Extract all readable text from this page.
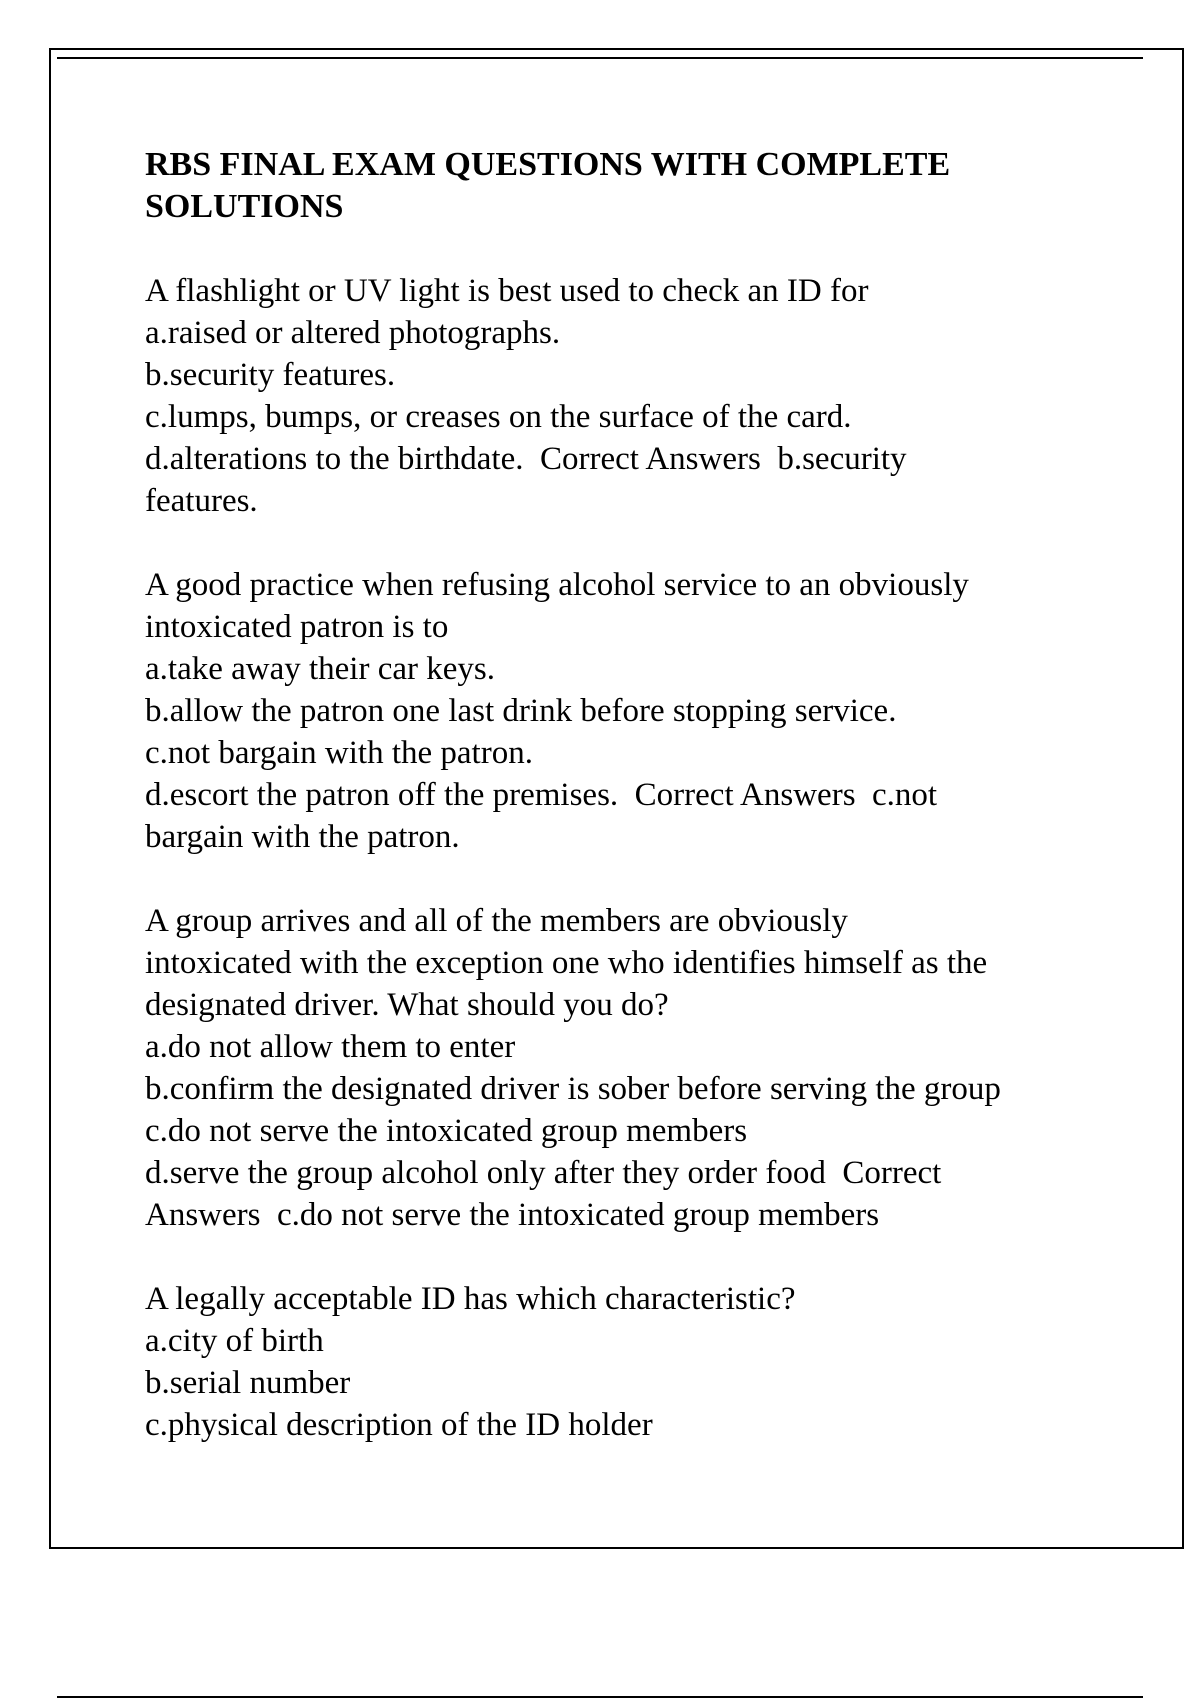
RBS FINAL EXAM QUESTIONS WITH COMPLETE
SOLUTIONS
A flashlight or UV light is best used to check an ID for
a.raised or altered photographs.
b.security features.
c.lumps, bumps, or creases on the surface of the card.
d.alterations to the birthdate.  Correct Answers  b.security
features.
A good practice when refusing alcohol service to an obviously
intoxicated patron is to
a.take away their car keys.
b.allow the patron one last drink before stopping service.
c.not bargain with the patron.
d.escort the patron off the premises.  Correct Answers  c.not
bargain with the patron.
A group arrives and all of the members are obviously
intoxicated with the exception one who identifies himself as the
designated driver. What should you do?
a.do not allow them to enter
b.confirm the designated driver is sober before serving the group
c.do not serve the intoxicated group members
d.serve the group alcohol only after they order food  Correct
Answers  c.do not serve the intoxicated group members
A legally acceptable ID has which characteristic?
a.city of birth
b.serial number
c.physical description of the ID holder
